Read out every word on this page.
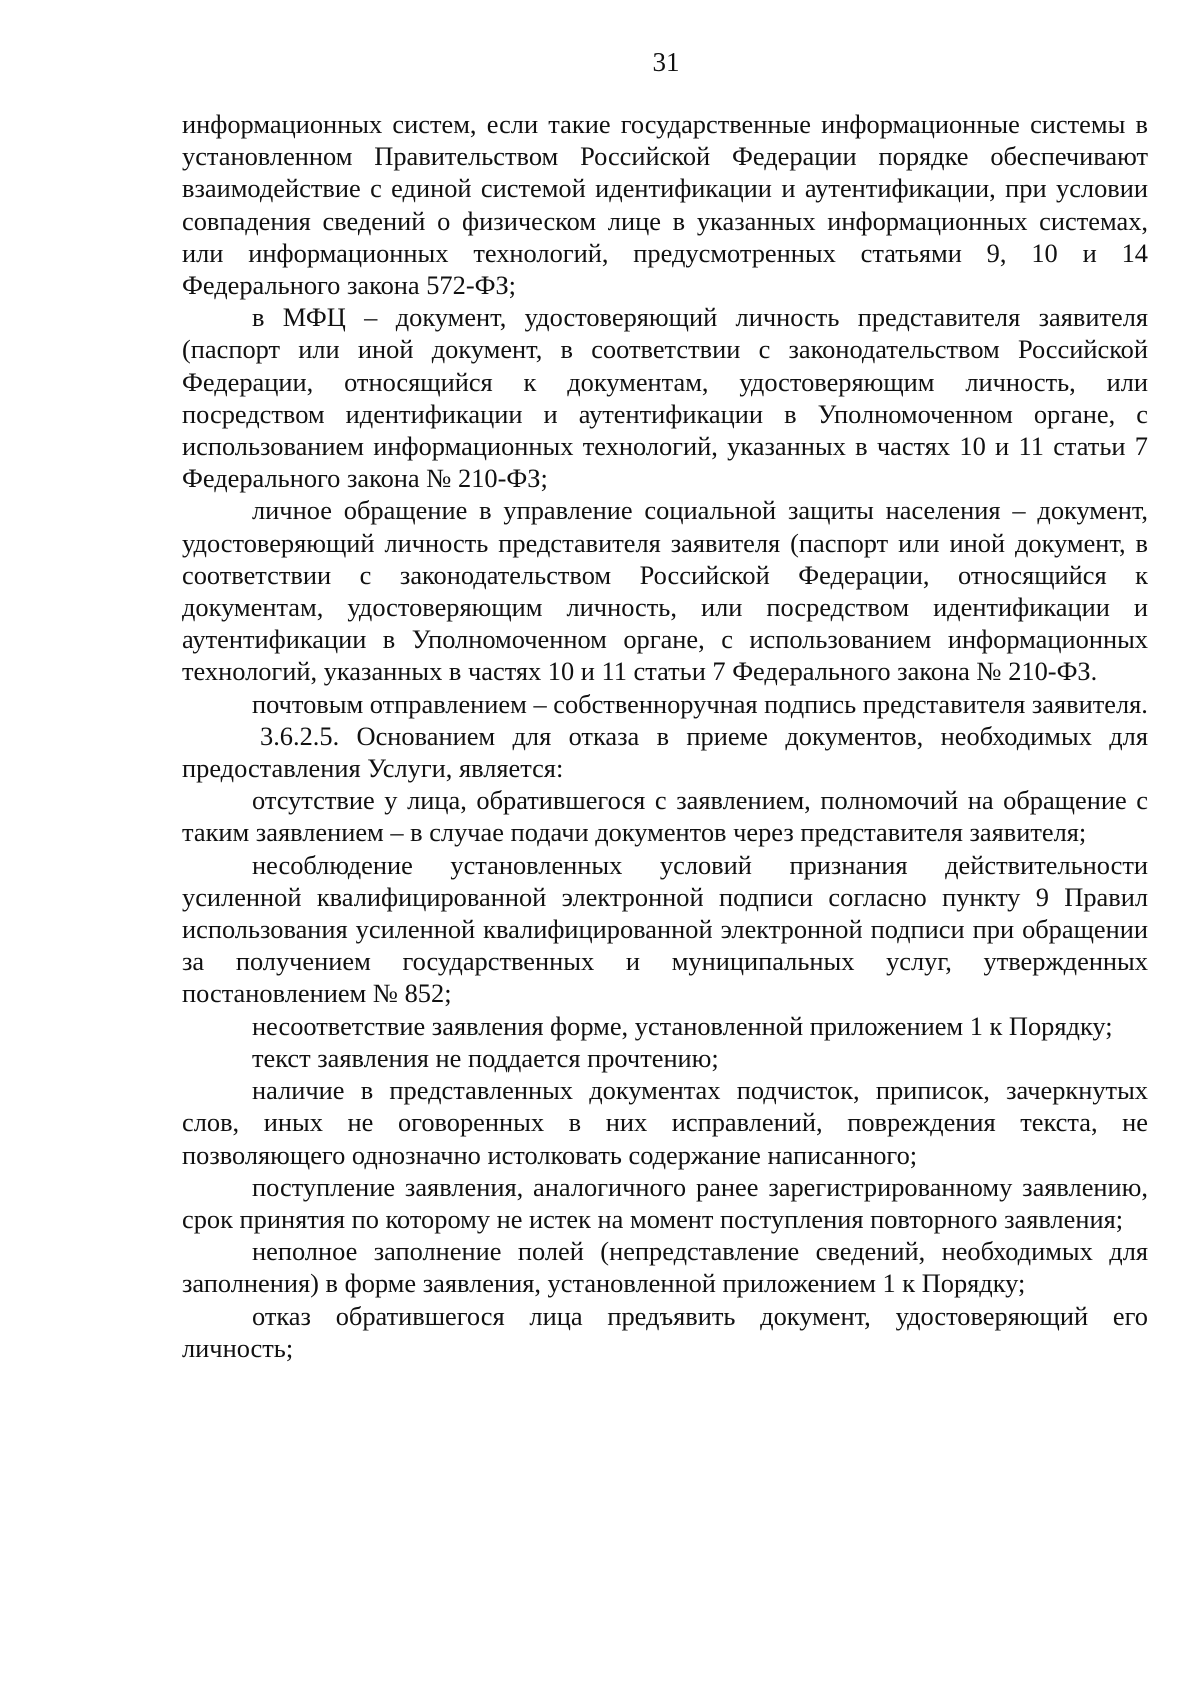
31

информационных систем, если такие государственные информационные системы в установленном Правительством Российской Федерации порядке обеспечивают взаимодействие с единой системой идентификации и аутентификации, при условии совпадения сведений о физическом лице в указанных информационных системах, или информационных технологий, предусмотренных статьями 9, 10 и 14 Федерального закона 572-ФЗ;

в МФЦ – документ, удостоверяющий личность представителя заявителя (паспорт или иной документ, в соответствии с законодательством Российской Федерации, относящийся к документам, удостоверяющим личность, или посредством идентификации и аутентификации в Уполномоченном органе, с использованием информационных технологий, указанных в частях 10 и 11 статьи 7 Федерального закона № 210-ФЗ;

личное обращение в управление социальной защиты населения – документ, удостоверяющий личность представителя заявителя (паспорт или иной документ, в соответствии с законодательством Российской Федерации, относящийся к документам, удостоверяющим личность, или посредством идентификации и аутентификации в Уполномоченном органе, с использованием информационных технологий, указанных в частях 10 и 11 статьи 7 Федерального закона № 210-ФЗ.

почтовым отправлением – собственноручная подпись представителя заявителя.

3.6.2.5. Основанием для отказа в приеме документов, необходимых для предоставления Услуги, является:

отсутствие у лица, обратившегося с заявлением, полномочий на обращение с таким заявлением – в случае подачи документов через представителя заявителя;

несоблюдение установленных условий признания действительности усиленной квалифицированной электронной подписи согласно пункту 9 Правил использования усиленной квалифицированной электронной подписи при обращении за получением государственных и муниципальных услуг, утвержденных постановлением № 852;

несоответствие заявления форме, установленной приложением 1 к Порядку;

текст заявления не поддается прочтению;

наличие в представленных документах подчисток, приписок, зачеркнутых слов, иных не оговоренных в них исправлений, повреждения текста, не позволяющего однозначно истолковать содержание написанного;

поступление заявления, аналогичного ранее зарегистрированному заявлению, срок принятия по которому не истек на момент поступления повторного заявления;

неполное заполнение полей (непредставление сведений, необходимых для заполнения) в форме заявления, установленной приложением 1 к Порядку;

отказ обратившегося лица предъявить документ, удостоверяющий его личность;
